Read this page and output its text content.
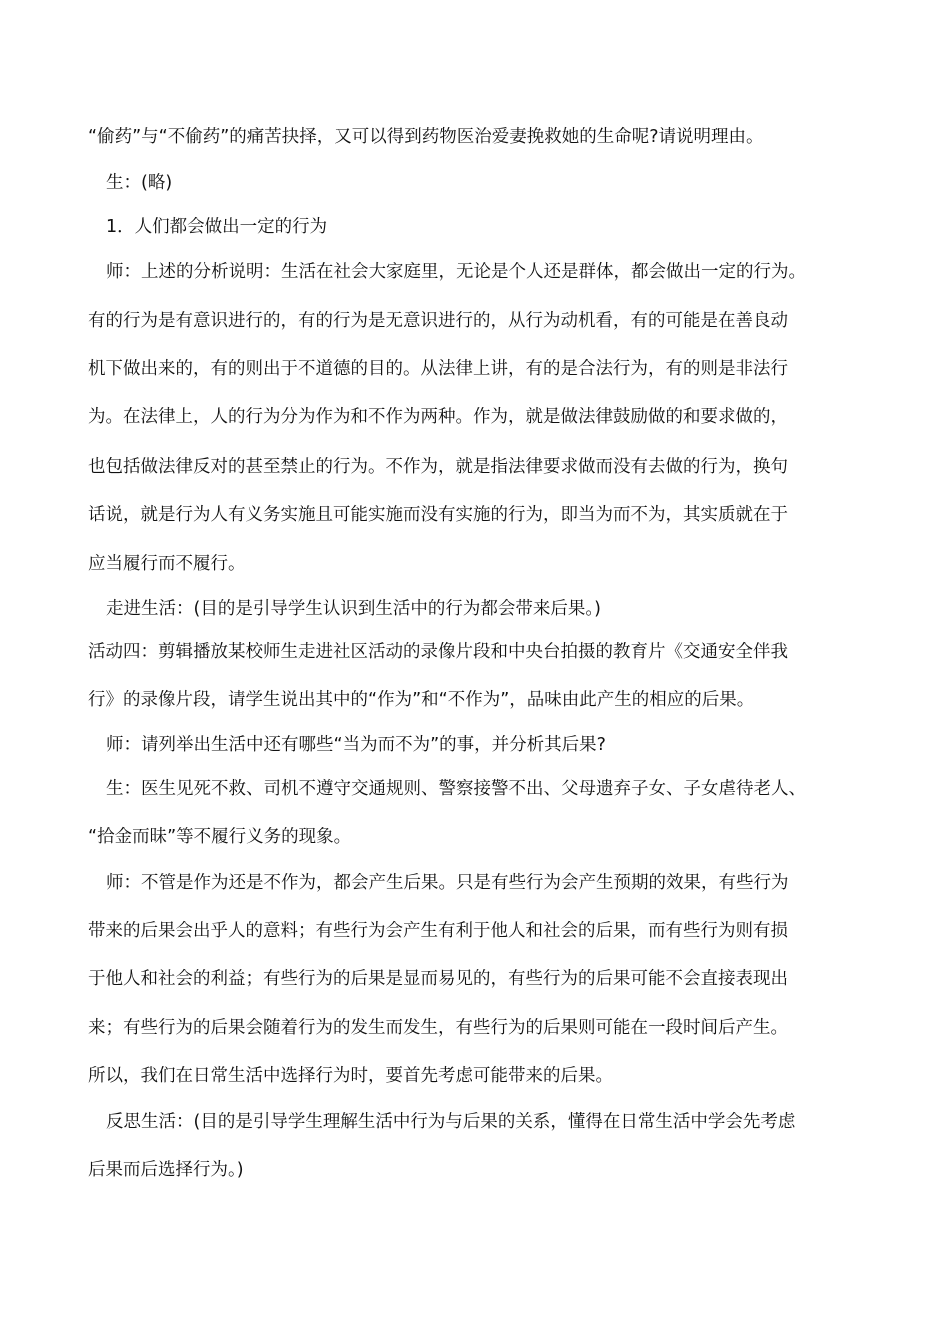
“偷药”与“不偷药”的痛苦抉择，又可以得到药物医治爱妻挽救她的生命呢?请说明理由。
生：(略)
1．人们都会做出一定的行为
师：上述的分析说明：生活在社会大家庭里，无论是个人还是群体，都会做出一定的行为。
有的行为是有意识进行的，有的行为是无意识进行的，从行为动机看，有的可能是在善良动
机下做出来的，有的则出于不道德的目的。从法律上讲，有的是合法行为，有的则是非法行
为。在法律上，人的行为分为作为和不作为两种。作为，就是做法律鼓励做的和要求做的，
也包括做法律反对的甚至禁止的行为。不作为，就是指法律要求做而没有去做的行为，换句
话说，就是行为人有义务实施且可能实施而没有实施的行为，即当为而不为，其实质就在于
应当履行而不履行。
走进生活：(目的是引导学生认识到生活中的行为都会带来后果。)
活动四：剪辑播放某校师生走进社区活动的录像片段和中央台拍摄的教育片《交通安全伴我
行》的录像片段，请学生说出其中的“作为”和“不作为”，品味由此产生的相应的后果。
师：请列举出生活中还有哪些“当为而不为”的事，并分析其后果?
生：医生见死不救、司机不遵守交通规则、警察接警不出、父母遗弃子女、子女虐待老人、
“拾金而昧”等不履行义务的现象。
师：不管是作为还是不作为，都会产生后果。只是有些行为会产生预期的效果，有些行为
带来的后果会出乎人的意料；有些行为会产生有利于他人和社会的后果，而有些行为则有损
于他人和社会的利益；有些行为的后果是显而易见的，有些行为的后果可能不会直接表现出
来；有些行为的后果会随着行为的发生而发生，有些行为的后果则可能在一段时间后产生。
所以，我们在日常生活中选择行为时，要首先考虑可能带来的后果。
反思生活：(目的是引导学生理解生活中行为与后果的关系，懂得在日常生活中学会先考虑
后果而后选择行为。)
